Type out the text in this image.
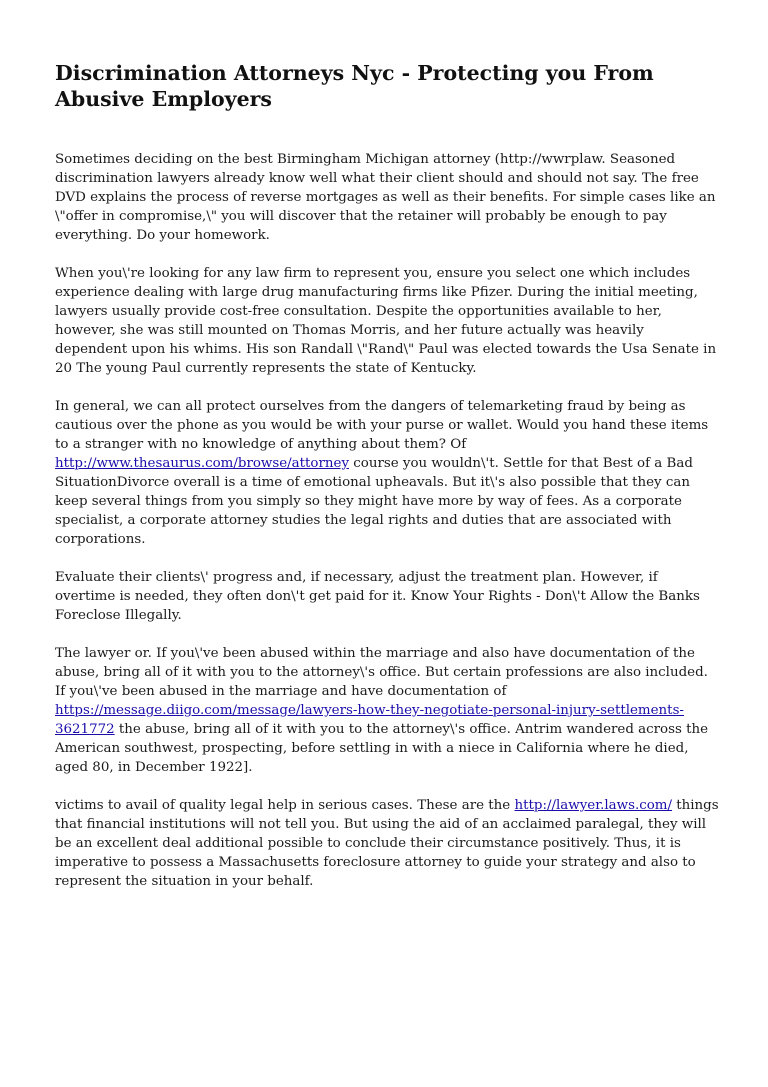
Discrimination Attorneys Nyc - Protecting you From Abusive Employers

Sometimes deciding on the best Birmingham Michigan attorney (http://wwrplaw. Seasoned discrimination lawyers already know well what their client should and should not say. The free DVD explains the process of reverse mortgages as well as their benefits. For simple cases like an \"offer in compromise,\" you will discover that the retainer will probably be enough to pay everything. Do your homework.

When you\'re looking for any law firm to represent you, ensure you select one which includes experience dealing with large drug manufacturing firms like Pfizer. During the initial meeting, lawyers usually provide cost-free consultation. Despite the opportunities available to her, however, she was still mounted on Thomas Morris, and her future actually was heavily dependent upon his whims. His son Randall \"Rand\" Paul was elected towards the Usa Senate in 20 The young Paul currently represents the state of Kentucky.

In general, we can all protect ourselves from the dangers of telemarketing fraud by being as cautious over the phone as you would be with your purse or wallet. Would you hand these items to a stranger with no knowledge of anything about them? Of http://www.thesaurus.com/browse/attorney course you wouldn\'t. Settle for that Best of a Bad SituationDivorce overall is a time of emotional upheavals. But it\'s also possible that they can keep several things from you simply so they might have more by way of fees. As a corporate specialist, a corporate attorney studies the legal rights and duties that are associated with corporations.

Evaluate their clients\' progress and, if necessary, adjust the treatment plan. However, if overtime is needed, they often don\'t get paid for it. Know Your Rights - Don\'t Allow the Banks Foreclose Illegally.

The lawyer or. If you\'ve been abused within the marriage and also have documentation of the abuse, bring all of it with you to the attorney\'s office. But certain professions are also included. If you\'ve been abused in the marriage and have documentation of https://message.diigo.com/message/lawyers-how-they-negotiate-personal-injury-settlements-3621772 the abuse, bring all of it with you to the attorney\'s office. Antrim wandered across the American southwest, prospecting, before settling in with a niece in California where he died, aged 80, in December 1922].

victims to avail of quality legal help in serious cases. These are the http://lawyer.laws.com/ things that financial institutions will not tell you. But using the aid of an acclaimed paralegal, they will be an excellent deal additional possible to conclude their circumstance positively. Thus, it is imperative to possess a Massachusetts foreclosure attorney to guide your strategy and also to represent the situation in your behalf.
